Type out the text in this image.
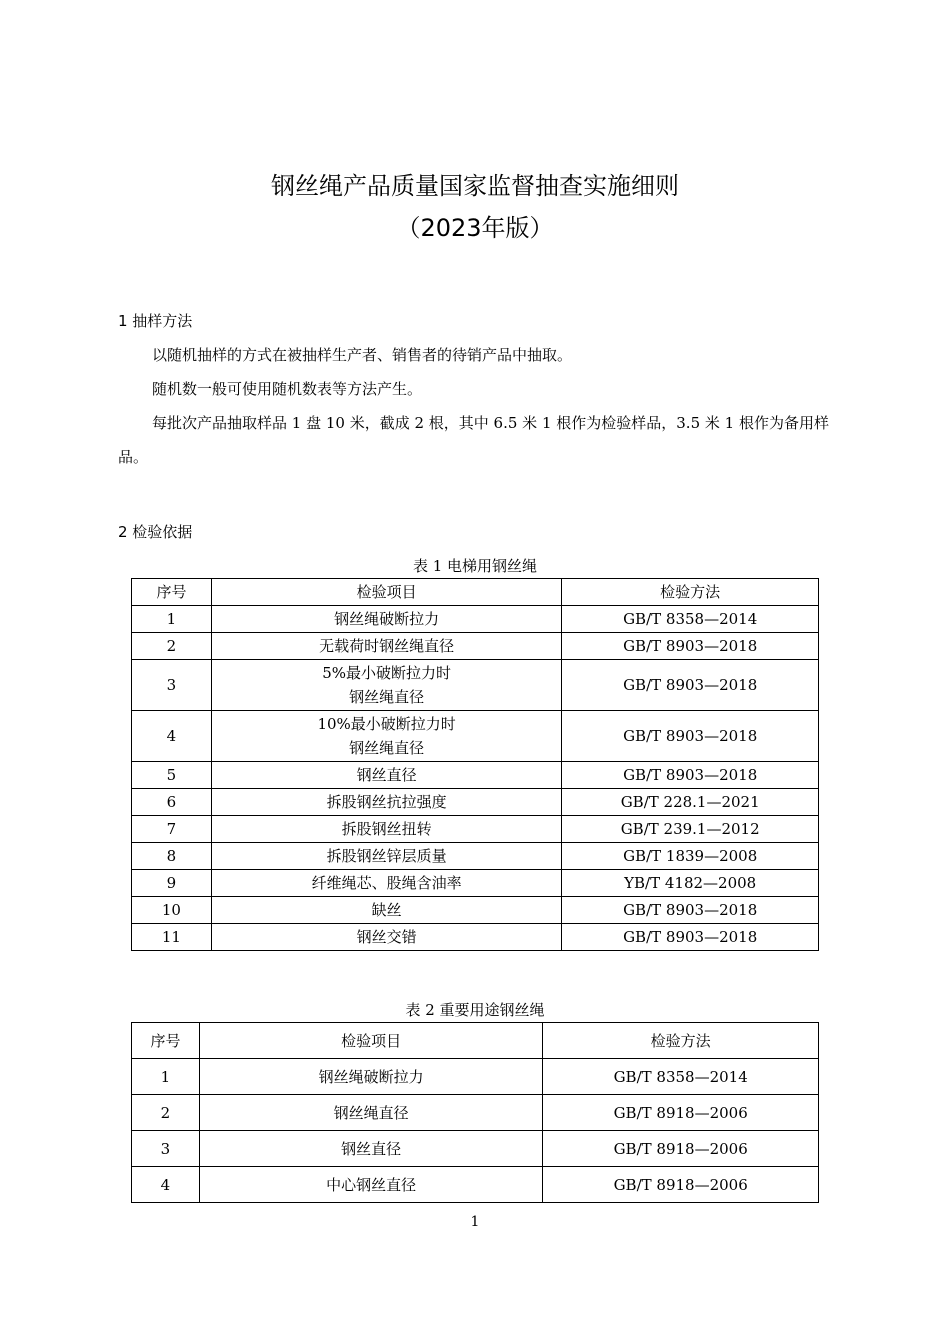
钢丝绳产品质量国家监督抽查实施细则
（2023年版）
1 抽样方法
以随机抽样的方式在被抽样生产者、销售者的待销产品中抽取。
随机数一般可使用随机数表等方法产生。
每批次产品抽取样品 1 盘 10 米，截成 2 根，其中 6.5 米 1 根作为检验样品，3.5 米 1 根作为备用样品。
2 检验依据
表 1 电梯用钢丝绳
序号	检验项目	检验方法
1	钢丝绳破断拉力	GB/T 8358—2014
2	无载荷时钢丝绳直径	GB/T 8903—2018
3	5%最小破断拉力时
钢丝绳直径	GB/T 8903—2018
4	10%最小破断拉力时
钢丝绳直径	GB/T 8903—2018
5	钢丝直径	GB/T 8903—2018
6	拆股钢丝抗拉强度	GB/T 228.1—2021
7	拆股钢丝扭转	GB/T 239.1—2012
8	拆股钢丝锌层质量	GB/T 1839—2008
9	纤维绳芯、股绳含油率	YB/T 4182—2008
10	缺丝	GB/T 8903—2018
11	钢丝交错	GB/T 8903—2018
表 2 重要用途钢丝绳
序号	检验项目	检验方法
1	钢丝绳破断拉力	GB/T 8358—2014
2	钢丝绳直径	GB/T 8918—2006
3	钢丝直径	GB/T 8918—2006
4	中心钢丝直径	GB/T 8918—2006
1
